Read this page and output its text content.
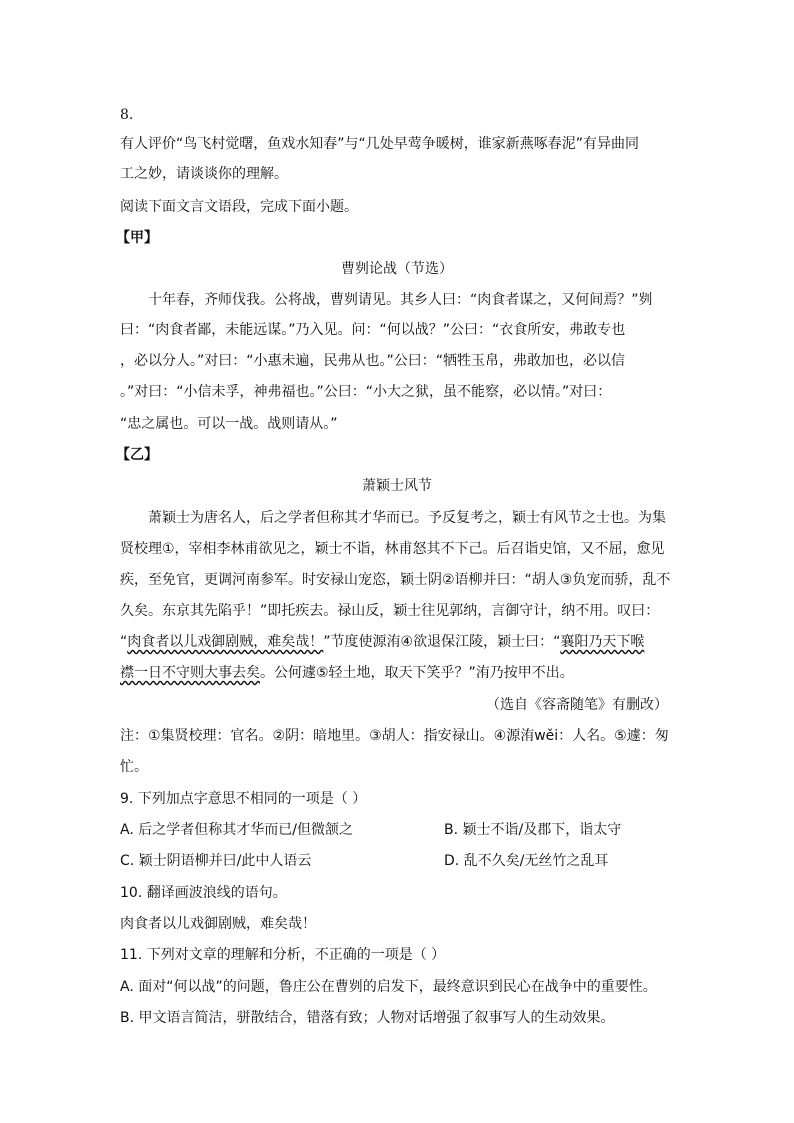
8.
有人评价“鸟飞村觉曙，鱼戏水知春”与“几处早莺争暖树，谁家新燕啄春泥”有异曲同
工之妙，请谈谈你的理解。
阅读下面文言文语段，完成下面小题。
【甲】
曹刿论战（节选）
十年春，齐师伐我。公将战，曹刿请见。其乡人曰：“肉食者谋之，又何间焉？”刿
曰：“肉食者鄙，未能远谋。”乃入见。问：“何以战？”公曰：“衣食所安，弗敢专也
，必以分人。”对曰：“小惠未遍，民弗从也。”公曰：“牺牲玉帛，弗敢加也，必以信
。”对曰：“小信未孚，神弗福也。”公曰：“小大之狱，虽不能察，必以情。”对曰：
“忠之属也。可以一战。战则请从。”
【乙】
萧颖士风节
萧颖士为唐名人，后之学者但称其才华而已。予反复考之，颖士有风节之士也。为集
贤校理①，宰相李林甫欲见之，颖士不诣，林甫怒其不下己。后召诣史馆，又不屈，愈见
疾，至免官，更调河南参军。时安禄山宠恣，颖士阴②语柳并曰：“胡人③负宠而骄，乱不
久矣。东京其先陷乎！”即托疾去。禄山反，颖士往见郭纳，言御守计，纳不用。叹曰：
“肉食者以儿戏御剧贼，难矣哉！”节度使源洧④欲退保江陵，颖士曰：“襄阳乃天下喉
襟一日不守则大事去矣。公何遽⑤轻土地，取天下笑乎？”洧乃按甲不出。
（选自《容斋随笔》有删改）
注：①集贤校理：官名。②阴：暗地里。③胡人：指安禄山。④源洧wěi：人名。⑤遽：匆
忙。
9. 下列加点字意思不相同的一项是（ ）
A. 后之学者但称其才华而已/但微颔之	B. 颖士不诣/及郡下，诣太守
C. 颖士阴语柳并曰/此中人语云	D. 乱不久矣/无丝竹之乱耳
10. 翻译画波浪线的语句。
肉食者以儿戏御剧贼，难矣哉！
11. 下列对文章的理解和分析，不正确的一项是（ ）
A. 面对“何以战”的问题，鲁庄公在曹刿的启发下，最终意识到民心在战争中的重要性。
B. 甲文语言简洁，骈散结合，错落有致；人物对话增强了叙事写人的生动效果。
